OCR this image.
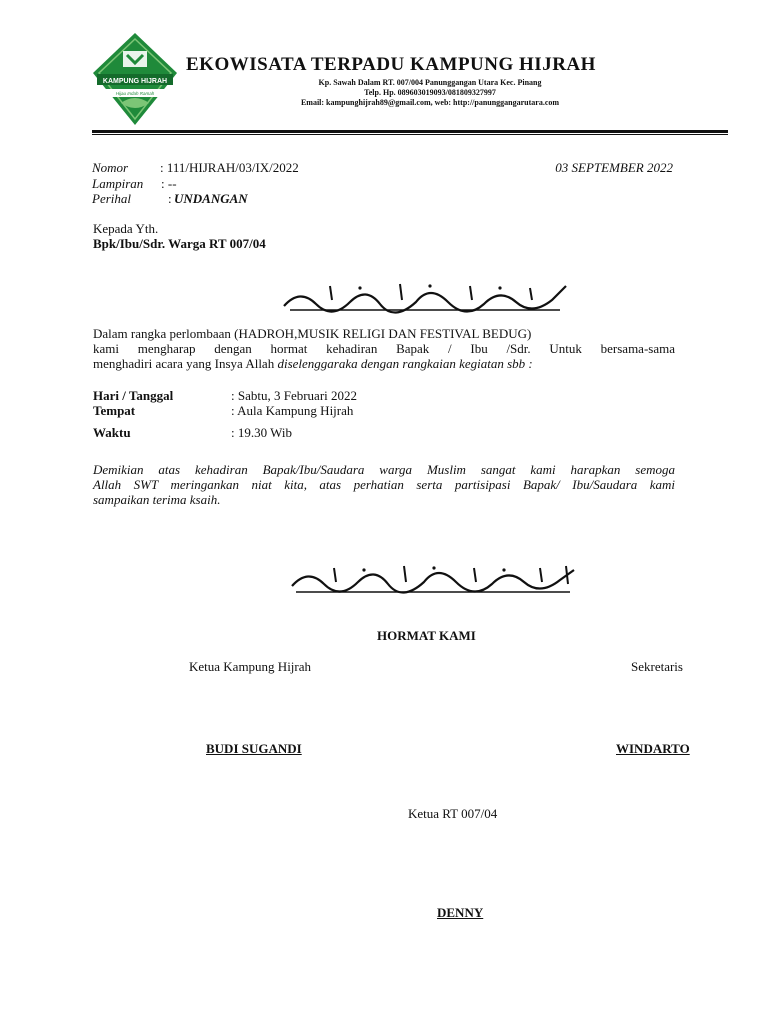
KAMPUNG HIJRAH
Hijau Indah Ramah
EKOWISATA TERPADU KAMPUNG HIJRAH
Kp. Sawah Dalam RT. 007/004 Panunggangan Utara Kec. Pinang
Telp. Hp. 089603019093/081809327997
Email: kampunghijrah89@gmail.com, web: http://panunggangarutara.com
Nomor : 111/HIJRAH/03/IX/2022
Lampiran : --
Perihal	: UNDANGAN
03 SEPTEMBER 2022
Kepada Yth.
Bpk/Ibu/Sdr. Warga RT 007/04
Dalam rangka perlombaan (HADROH,MUSIK RELIGI DAN FESTIVAL BEDUG)
kami mengharap dengan hormat kehadiran Bapak / Ibu /Sdr. Untuk bersama-sama
menghadiri acara yang Insya Allah diselenggaraka dengan rangkaian kegiatan sbb :
Hari / Tanggal	: Sabtu, 3 Februari 2022
Tempat	: Aula Kampung Hijrah
Waktu	: 19.30 Wib
Demikian atas kehadiran Bapak/Ibu/Saudara warga Muslim sangat kami harapkan semoga
Allah SWT meringankan niat kita, atas perhatian serta partisipasi Bapak/ Ibu/Saudara kami
sampaikan terima ksaih.
HORMAT KAMI
Ketua Kampung Hijrah	Sekretaris
BUDI SUGANDI	WINDARTO
Ketua RT 007/04
DENNY
